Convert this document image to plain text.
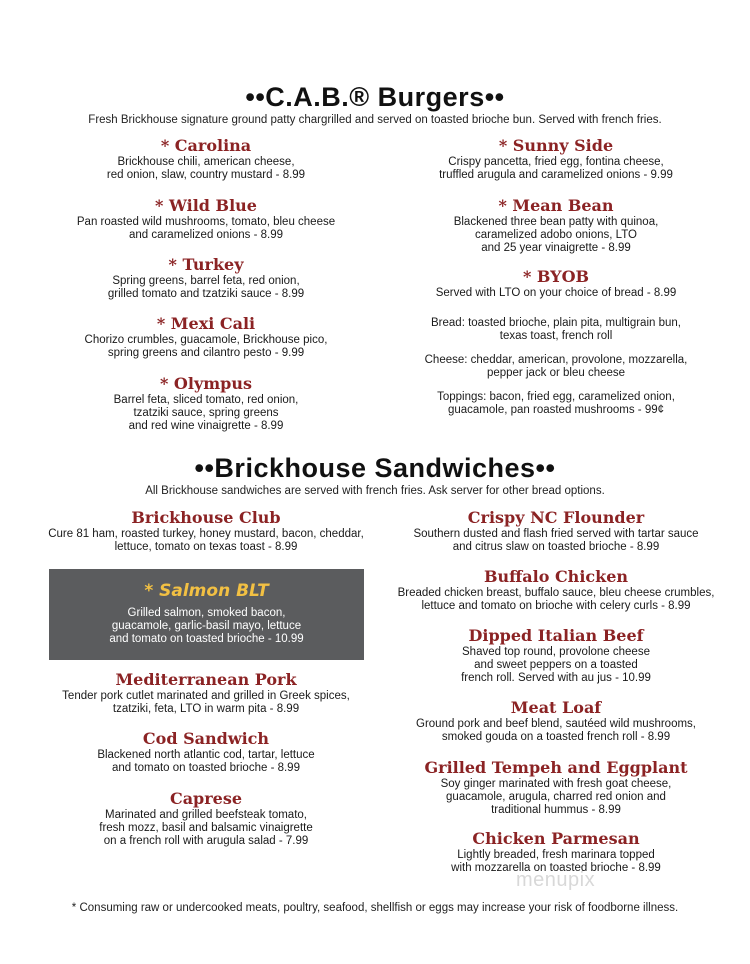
••C.A.B.® Burgers••
Fresh Brickhouse signature ground patty chargrilled and served on toasted brioche bun. Served with french fries.
* Carolina
Brickhouse chili, american cheese,
red onion, slaw, country mustard - 8.99
* Wild Blue
Pan roasted wild mushrooms, tomato, bleu cheese
and caramelized onions - 8.99
* Turkey
Spring greens, barrel feta, red onion,
grilled tomato and tzatziki sauce - 8.99
* Mexi Cali
Chorizo crumbles, guacamole, Brickhouse pico,
spring greens and cilantro pesto - 9.99
* Olympus
Barrel feta, sliced tomato, red onion,
tzatziki sauce, spring greens
and red wine vinaigrette - 8.99
* Sunny Side
Crispy pancetta, fried egg, fontina cheese,
truffled arugula and caramelized onions - 9.99
* Mean Bean
Blackened three bean patty with quinoa,
caramelized adobo onions, LTO
and 25 year vinaigrette - 8.99
* BYOB
Served with LTO on your choice of bread - 8.99
Bread: toasted brioche, plain pita, multigrain bun,
texas toast, french roll
Cheese: cheddar, american, provolone, mozzarella,
pepper jack or bleu cheese
Toppings: bacon, fried egg, caramelized onion,
guacamole, pan roasted mushrooms - 99¢
••Brickhouse Sandwiches••
All Brickhouse sandwiches are served with french fries. Ask server for other bread options.
Brickhouse Club
Cure 81 ham, roasted turkey, honey mustard, bacon, cheddar,
lettuce, tomato on texas toast - 8.99
* Salmon BLT
Grilled salmon, smoked bacon,
guacamole, garlic-basil mayo, lettuce
and tomato on toasted brioche - 10.99
Mediterranean Pork
Tender pork cutlet marinated and grilled in Greek spices,
tzatziki, feta, LTO in warm pita - 8.99
Cod Sandwich
Blackened north atlantic cod, tartar, lettuce
and tomato on toasted brioche - 8.99
Caprese
Marinated and grilled beefsteak tomato,
fresh mozz, basil and balsamic vinaigrette
on a french roll with arugula salad - 7.99
Crispy NC Flounder
Southern dusted and flash fried served with tartar sauce
and citrus slaw on toasted brioche - 8.99
Buffalo Chicken
Breaded chicken breast, buffalo sauce, bleu cheese crumbles,
lettuce and tomato on brioche with celery curls - 8.99
Dipped Italian Beef
Shaved top round, provolone cheese
and sweet peppers on a toasted
french roll. Served with au jus - 10.99
Meat Loaf
Ground pork and beef blend, sautéed wild mushrooms,
smoked gouda on a toasted french roll - 8.99
Grilled Tempeh and Eggplant
Soy ginger marinated with fresh goat cheese,
guacamole, arugula, charred red onion and
traditional hummus - 8.99
Chicken Parmesan
Lightly breaded, fresh marinara topped
with mozzarella on toasted brioche - 8.99
menupix
* Consuming raw or undercooked meats, poultry, seafood, shellfish or eggs may increase your risk of foodborne illness.
